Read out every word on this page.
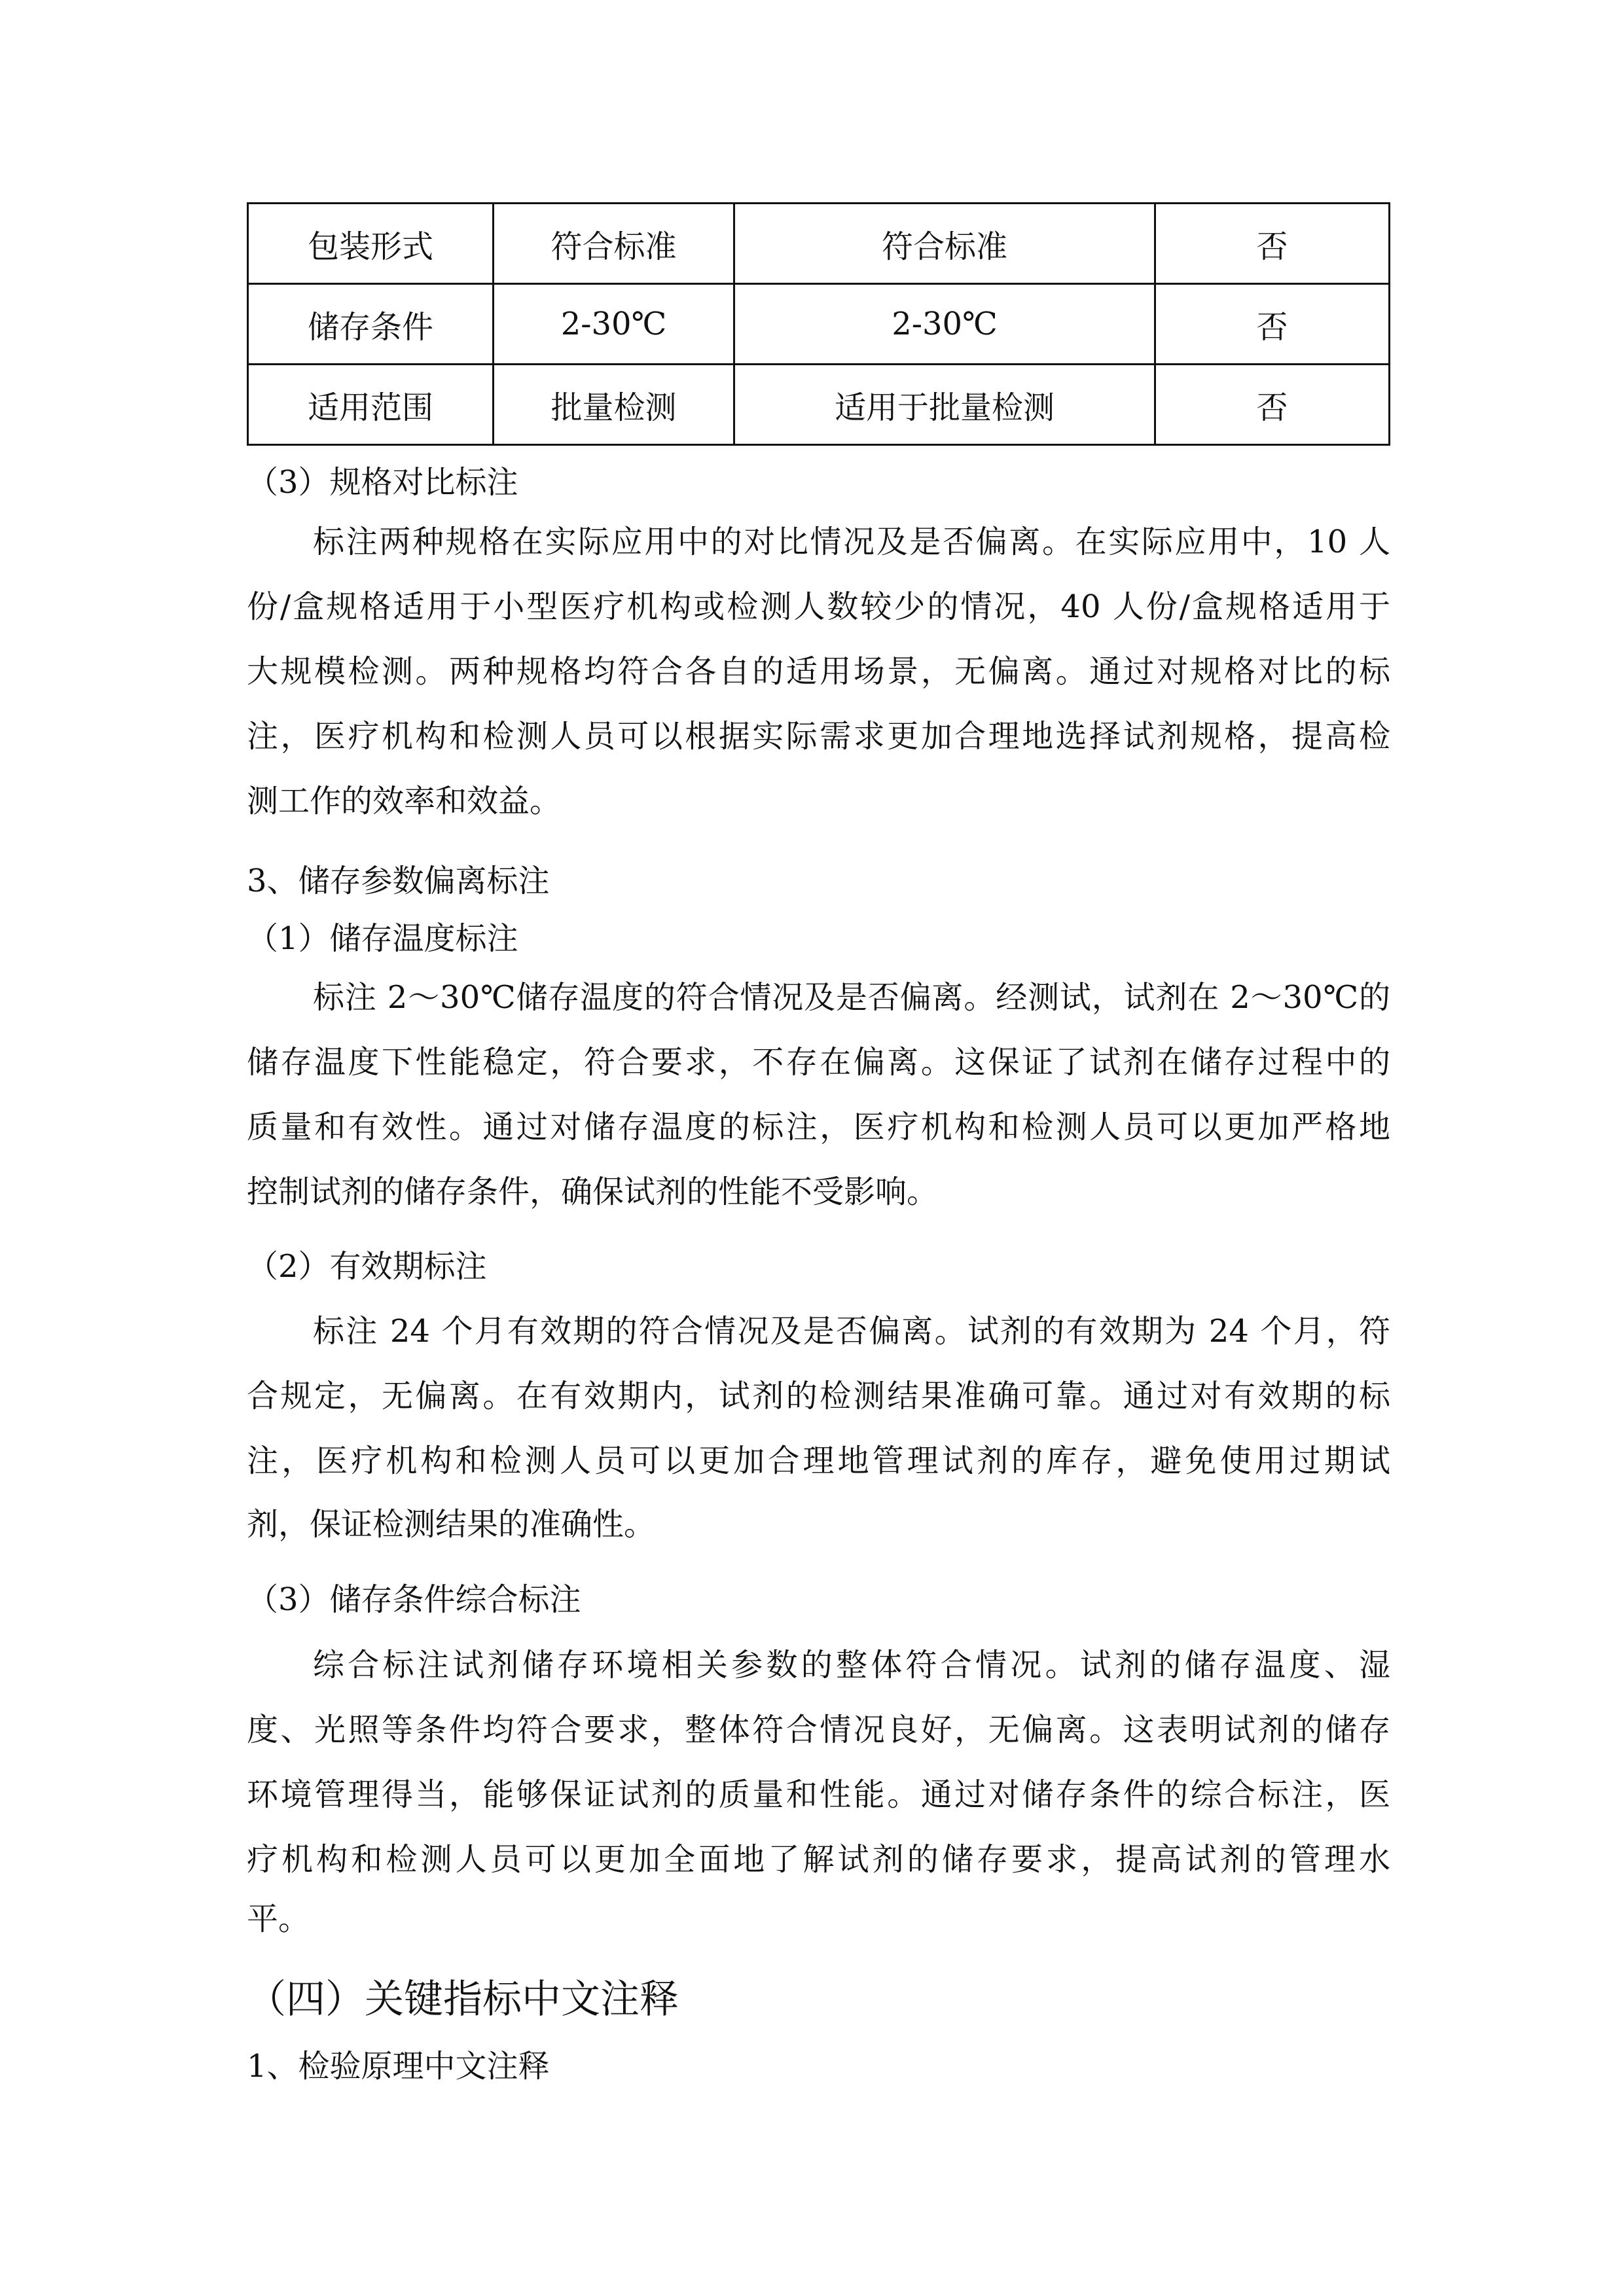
包装形式	符合标准	符合标准	否
储存条件	2-30℃	2-30℃	否
适用范围	批量检测	适用于批量检测	否
（3）规格对比标注
标注两种规格在实际应用中的对比情况及是否偏离。在实际应用中，10 人
份/盒规格适用于小型医疗机构或检测人数较少的情况，40 人份/盒规格适用于
大规模检测。两种规格均符合各自的适用场景，无偏离。通过对规格对比的标
注，医疗机构和检测人员可以根据实际需求更加合理地选择试剂规格，提高检
测工作的效率和效益。
3、储存参数偏离标注
（1）储存温度标注
标注 2～30℃储存温度的符合情况及是否偏离。经测试，试剂在 2～30℃的
储存温度下性能稳定，符合要求，不存在偏离。这保证了试剂在储存过程中的
质量和有效性。通过对储存温度的标注，医疗机构和检测人员可以更加严格地
控制试剂的储存条件，确保试剂的性能不受影响。
（2）有效期标注
标注 24 个月有效期的符合情况及是否偏离。试剂的有效期为 24 个月，符
合规定，无偏离。在有效期内，试剂的检测结果准确可靠。通过对有效期的标
注，医疗机构和检测人员可以更加合理地管理试剂的库存，避免使用过期试
剂，保证检测结果的准确性。
（3）储存条件综合标注
综合标注试剂储存环境相关参数的整体符合情况。试剂的储存温度、湿
度、光照等条件均符合要求，整体符合情况良好，无偏离。这表明试剂的储存
环境管理得当，能够保证试剂的质量和性能。通过对储存条件的综合标注，医
疗机构和检测人员可以更加全面地了解试剂的储存要求，提高试剂的管理水
平。
（四）关键指标中文注释
1、检验原理中文注释
